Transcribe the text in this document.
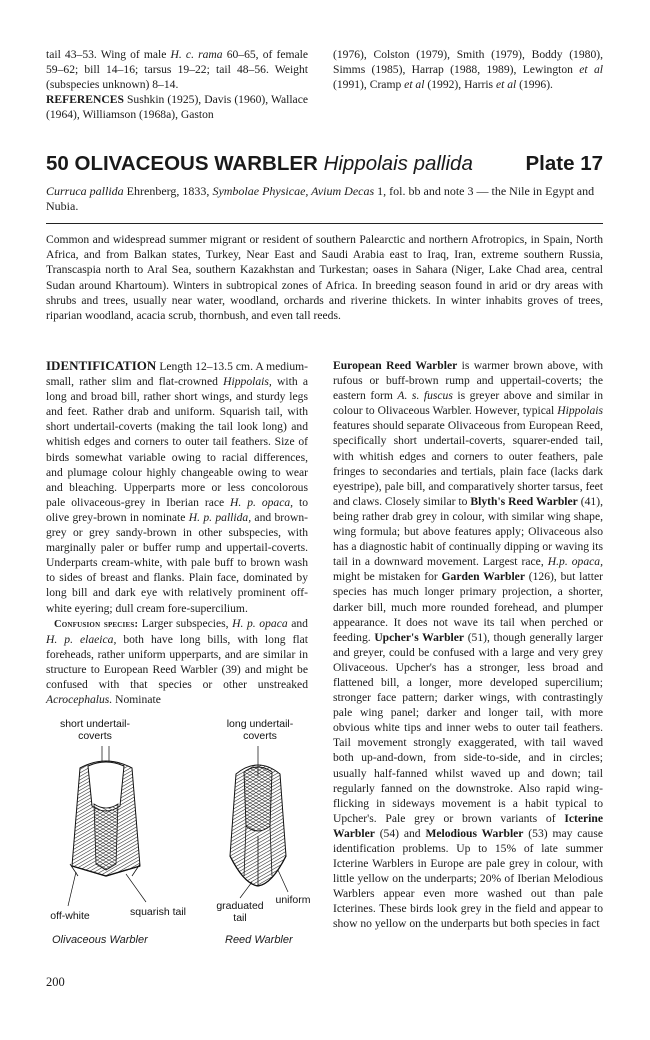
tail 43–53. Wing of male H. c. rama 60–65, of female 59–62; bill 14–16; tarsus 19–22; tail 48–56. Weight (subspecies unknown) 8–14.

REFERENCES Sushkin (1925), Davis (1960), Wallace (1964), Williamson (1968a), Gaston

(1976), Colston (1979), Smith (1979), Boddy (1980), Simms (1985), Harrap (1988, 1989), Lewington et al (1991), Cramp et al (1992), Harris et al (1996).

50 OLIVACEOUS WARBLER Hippolais pallida	Plate 17
Curruca pallida Ehrenberg, 1833, Symbolae Physicae, Avium Decas 1, fol. bb and note 3 — the Nile in Egypt and Nubia.
Common and widespread summer migrant or resident of southern Palearctic and northern Afrotropics, in Spain, North Africa, and from Balkan states, Turkey, Near East and Saudi Arabia east to Iraq, Iran, extreme southern Russia, Transcaspia north to Aral Sea, southern Kazakhstan and Turkestan; oases in Sahara (Niger, Lake Chad area, central Sudan around Khartoum). Winters in subtropical zones of Africa. In breeding season found in arid or dry areas with shrubs and trees, usually near water, woodland, orchards and riverine thickets. In winter inhabits groves of trees, riparian woodland, acacia scrub, thornbush, and even tall reeds.

IDENTIFICATION Length 12–13.5 cm. A medium-small, rather slim and flat-crowned Hippolais, with a long and broad bill, rather short wings, and sturdy legs and feet. Rather drab and uniform. Squarish tail, with short undertail-coverts (making the tail look long) and whitish edges and corners to outer tail feathers. Size of birds somewhat variable owing to racial differences, and plumage colour highly changeable owing to wear and bleaching. Upperparts more or less concolorous pale olivaceous-grey in Iberian race H. p. opaca, to olive grey-brown in nominate H. p. pallida, and brown-grey or grey sandy-brown in other subspecies, with marginally paler or buffer rump and uppertail-coverts. Underparts cream-white, with pale buff to brown wash to sides of breast and flanks. Plain face, dominated by long bill and dark eye with relatively prominent off-white eyering; dull cream fore-supercilium.

Confusion species: Larger subspecies, H. p. opaca and H. p. elaeica, both have long bills, with long flat foreheads, rather uniform upperparts, and are similar in structure to European Reed Warbler (39) and might be confused with that species or other unstreaked Acrocephalus. Nominate

short undertail-
coverts
long undertail-
coverts
off-white	squarish tail	graduated
tail
uniform
Olivaceous Warbler	Reed Warbler

European Reed Warbler is warmer brown above, with rufous or buff-brown rump and uppertail-coverts; the eastern form A. s. fuscus is greyer above and similar in colour to Olivaceous Warbler. However, typical Hippolais features should separate Olivaceous from European Reed, specifically short undertail-coverts, squarer-ended tail, with whitish edges and corners to outer feathers, pale fringes to secondaries and tertials, plain face (lacks dark eyestripe), pale bill, and comparatively shorter tarsus, feet and claws. Closely similar to Blyth's Reed Warbler (41), being rather drab grey in colour, with similar wing shape, wing formula; but above features apply; Olivaceous also has a diagnostic habit of continually dipping or waving its tail in a downward movement. Largest race, H.p. opaca, might be mistaken for Garden Warbler (126), but latter species has much longer primary projection, a shorter, darker bill, much more rounded forehead, and plumper appearance. It does not wave its tail when perched or feeding. Upcher's Warbler (51), though generally larger and greyer, could be confused with a large and very grey Olivaceous. Upcher's has a stronger, less broad and flattened bill, a longer, more developed supercilium; stronger face pattern; darker wings, with contrastingly pale wing panel; darker and longer tail, with more obvious white tips and inner webs to outer tail feathers. Tail movement strongly exaggerated, with tail waved both up-and-down, from side-to-side, and in circles; usually half-fanned whilst waved up and down; tail regularly fanned on the downstroke. Also rapid wing-flicking in sideways movement is a habit typical to Upcher's. Pale grey or brown variants of Icterine Warbler (54) and Melodious Warbler (53) may cause identification problems. Up to 15% of late summer Icterine Warblers in Europe are pale grey in colour, with little yellow on the underparts; 20% of Iberian Melodious Warblers appear even more washed out than pale Icterines. These birds look grey in the field and appear to show no yellow on the underparts but both species in fact

200
